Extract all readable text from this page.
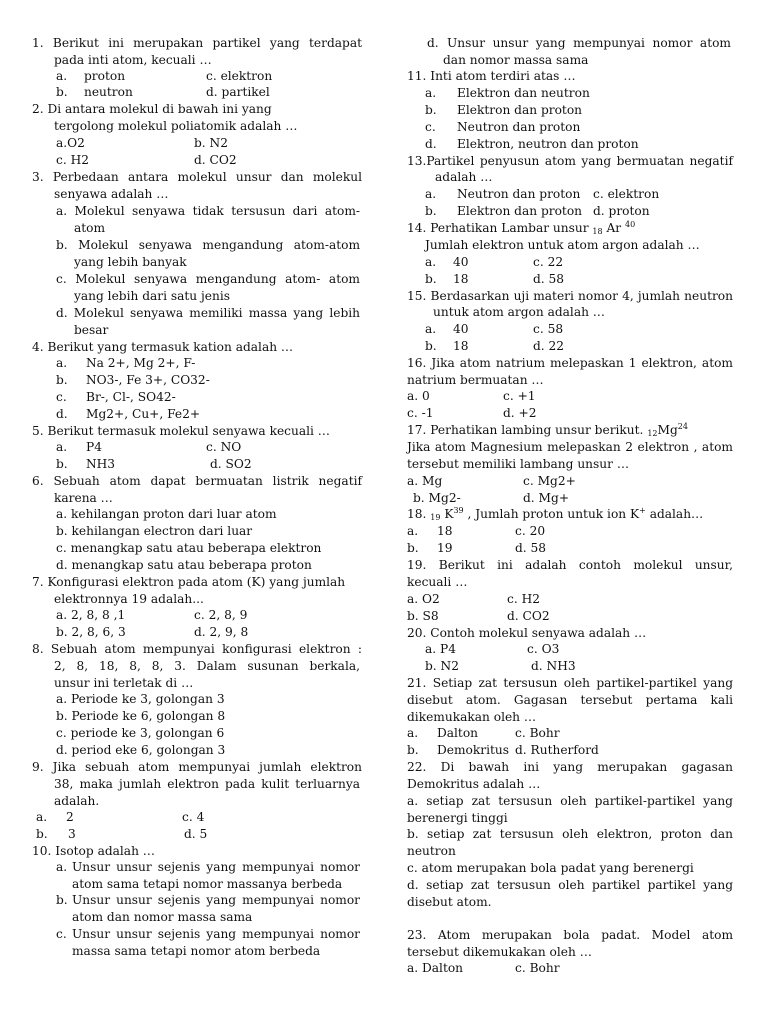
1. Berikut ini merupakan partikel yang terdapat
pada inti atom, kecuali …
a. proton	c. elektron
b. neutron	d. partikel
2. Di antara molekul di bawah ini yang
tergolong molekul poliatomik adalah …
a.O2	b. N2
c. H2	d. CO2
3. Perbedaan antara molekul unsur dan molekul
senyawa adalah …
a. Molekul senyawa tidak tersusun dari atom-
atom
b. Molekul senyawa mengandung atom-atom
yang lebih banyak
c. Molekul senyawa mengandung atom- atom
yang lebih dari satu jenis
d. Molekul senyawa memiliki massa yang lebih
besar
4. Berikut yang termasuk kation adalah …
a. Na 2+, Mg 2+, F-
b. NO3-, Fe 3+, CO32-
c. Br-, Cl-, SO42-
d. Mg2+, Cu+, Fe2+
5. Berikut termasuk molekul senyawa kecuali …
a. P4	c. NO
b. NH3	d. SO2
6. Sebuah atom dapat bermuatan listrik negatif
karena …
a. kehilangan proton dari luar atom
b. kehilangan electron dari luar
c. menangkap satu atau beberapa elektron
d. menangkap satu atau beberapa proton
7. Konfigurasi elektron pada atom (K) yang jumlah
elektronnya 19 adalah...
a. 2, 8, 8 ,1	c. 2, 8, 9
b. 2, 8, 6, 3	d. 2, 9, 8
8. Sebuah atom mempunyai konfigurasi elektron :
2, 8, 18, 8, 8, 3. Dalam susunan berkala,
unsur ini terletak di …
a. Periode ke 3, golongan 3
b. Periode ke 6, golongan 8
c. periode ke 3, golongan 6
d. period eke 6, golongan 3
9. Jika sebuah atom mempunyai jumlah elektron
38, maka jumlah elektron pada kulit terluarnya
adalah.
a. 2	c. 4
b. 3	d. 5
10. Isotop adalah …
a. Unsur unsur sejenis yang mempunyai nomor
atom sama tetapi nomor massanya berbeda
b. Unsur unsur sejenis yang mempunyai nomor
atom dan nomor massa sama
c. Unsur unsur sejenis yang mempunyai nomor
massa sama tetapi nomor atom berbeda
d. Unsur unsur yang mempunyai nomor atom
dan nomor massa sama
11. Inti atom terdiri atas …
a. Elektron dan neutron
b. Elektron dan proton
c. Neutron dan proton
d. Elektron, neutron dan proton
13.Partikel penyusun atom yang bermuatan negatif
adalah …
a. Neutron dan proton c. elektron
b. Elektron dan proton d. proton
14. Perhatikan Lambar unsur $_{18}$ Ar $^{40}$
Jumlah elektron untuk atom argon adalah …
a. 40	c. 22
b. 18	d. 58
15. Berdasarkan uji materi nomor 4, jumlah neutron
untuk atom argon adalah …
a. 40	c. 58
b. 18	d. 22
16. Jika atom natrium melepaskan 1 elektron, atom
natrium bermuatan …
a. 0	c. +1
c. -1	d. +2
17. Perhatikan lambing unsur berikut. $_{12}Mg^{24}$
Jika atom Magnesium melepaskan 2 elektron , atom
tersebut memiliki lambang unsur …
a. Mg	c. Mg2+
b. Mg2-	d. Mg+
18. $_{19}$ $K^{39}$ , Jumlah proton untuk ion K+ adalah…
a. 18	c. 20
b. 19	d. 58
19. Berikut ini adalah contoh molekul unsur,
kecuali …
a. O2	c. H2
b. S8	d. CO2
20. Contoh molekul senyawa adalah …
a. P4	c. O3
b. N2	d. NH3
21. Setiap zat tersusun oleh partikel-partikel yang
disebut atom. Gagasan tersebut pertama kali
dikemukakan oleh …
a. Dalton	c. Bohr
b. Demokritus d. Rutherford
22. Di bawah ini yang merupakan gagasan
Demokritus adalah …
a. setiap zat tersusun oleh partikel-partikel yang
berenergi tinggi
b. setiap zat tersusun oleh elektron, proton dan
neutron
c. atom merupakan bola padat yang berenergi
d. setiap zat tersusun oleh partikel partikel yang
disebut atom.
23. Atom merupakan bola padat. Model atom
tersebut dikemukakan oleh …
a. Dalton	c. Bohr
